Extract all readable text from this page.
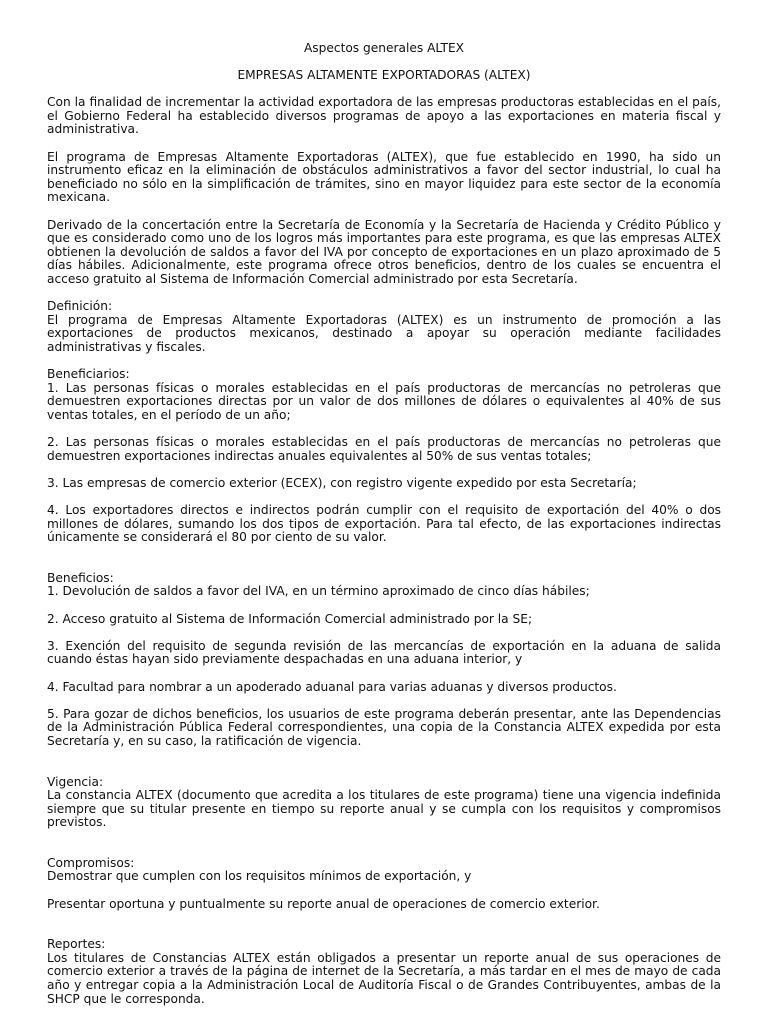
Aspectos generales ALTEX
EMPRESAS ALTAMENTE EXPORTADORAS (ALTEX)

Con la finalidad de incrementar la actividad exportadora de las empresas productoras establecidas en el país, el Gobierno Federal ha establecido diversos programas de apoyo a las exportaciones en materia fiscal y administrativa.

El programa de Empresas Altamente Exportadoras (ALTEX), que fue establecido en 1990, ha sido un instrumento eficaz en la eliminación de obstáculos administrativos a favor del sector industrial, lo cual ha beneficiado no sólo en la simplificación de trámites, sino en mayor liquidez para este sector de la economía mexicana.

Derivado de la concertación entre la Secretaría de Economía y la Secretaría de Hacienda y Crédito Público y que es considerado como uno de los logros más importantes para este programa, es que las empresas ALTEX obtienen la devolución de saldos a favor del IVA por concepto de exportaciones en un plazo aproximado de 5 días hábiles. Adicionalmente, este programa ofrece otros beneficios, dentro de los cuales se encuentra el acceso gratuito al Sistema de Información Comercial administrado por esta Secretaría.

Definición:

El programa de Empresas Altamente Exportadoras (ALTEX) es un instrumento de promoción a las exportaciones de productos mexicanos, destinado a apoyar su operación mediante facilidades administrativas y fiscales.

Beneficiarios:

1. Las personas físicas o morales establecidas en el país productoras de mercancías no petroleras que demuestren exportaciones directas por un valor de dos millones de dólares o equivalentes al 40% de sus ventas totales, en el período de un año;

2. Las personas físicas o morales establecidas en el país productoras de mercancías no petroleras que demuestren exportaciones indirectas anuales equivalentes al 50% de sus ventas totales;

3. Las empresas de comercio exterior (ECEX), con registro vigente expedido por esta Secretaría;

4. Los exportadores directos e indirectos podrán cumplir con el requisito de exportación del 40% o dos millones de dólares, sumando los dos tipos de exportación. Para tal efecto, de las exportaciones indirectas únicamente se considerará el 80 por ciento de su valor.

Beneficios:

1. Devolución de saldos a favor del IVA, en un término aproximado de cinco días hábiles;

2. Acceso gratuito al Sistema de Información Comercial administrado por la SE;

3. Exención del requisito de segunda revisión de las mercancías de exportación en la aduana de salida cuando éstas hayan sido previamente despachadas en una aduana interior, y

4. Facultad para nombrar a un apoderado aduanal para varias aduanas y diversos productos.

5. Para gozar de dichos beneficios, los usuarios de este programa deberán presentar, ante las Dependencias de la Administración Pública Federal correspondientes, una copia de la Constancia ALTEX expedida por esta Secretaría y, en su caso, la ratificación de vigencia.

Vigencia:

La constancia ALTEX (documento que acredita a los titulares de este programa) tiene una vigencia indefinida siempre que su titular presente en tiempo su reporte anual y se cumpla con los requisitos y compromisos previstos.

Compromisos:

Demostrar que cumplen con los requisitos mínimos de exportación, y

Presentar oportuna y puntualmente su reporte anual de operaciones de comercio exterior.

Reportes:

Los titulares de Constancias ALTEX están obligados a presentar un reporte anual de sus operaciones de comercio exterior a través de la página de internet de la Secretaría, a más tardar en el mes de mayo de cada año y entregar copia a la Administración Local de Auditoría Fiscal o de Grandes Contribuyentes, ambas de la SHCP que le corresponda.
